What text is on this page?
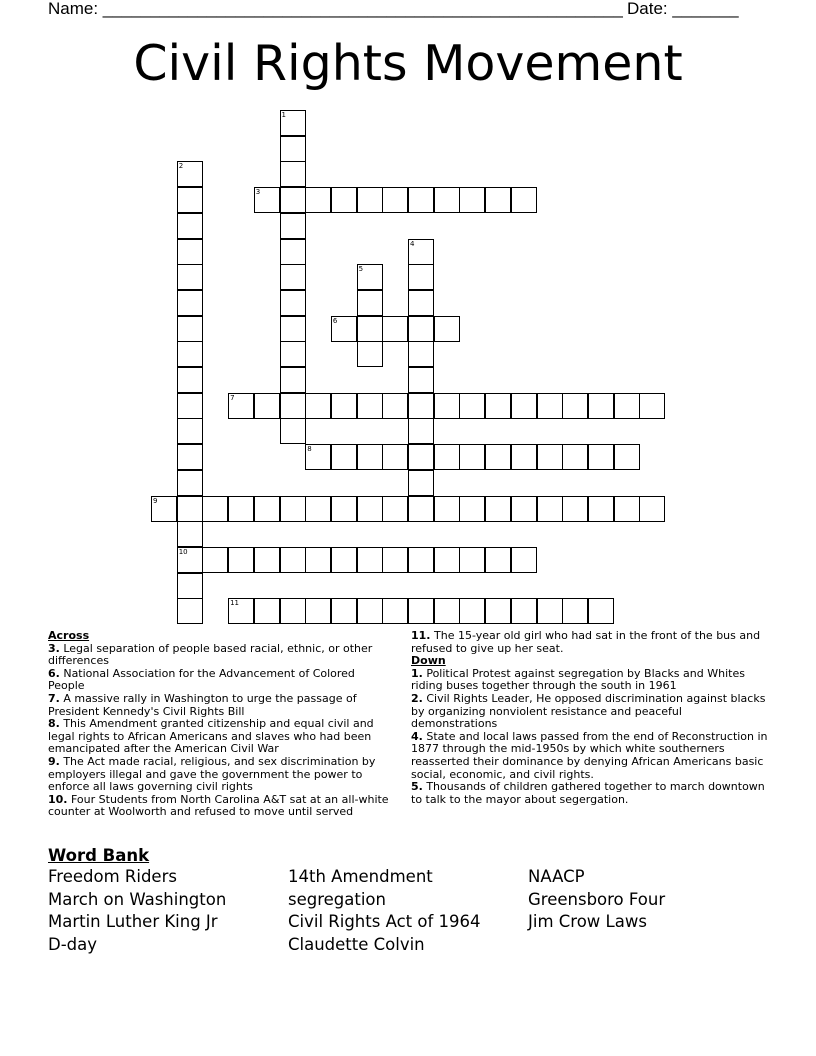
Name: _______________________________________________________ Date: _______
Civil Rights Movement
1
2
10
3
4
5
6
7
8
9
11
Across
3. Legal separation of people based racial, ethnic, or other differences
6. National Association for the Advancement of Colored People
7. A massive rally in Washington to urge the passage of President Kennedy's Civil Rights Bill
8. This Amendment granted citizenship and equal civil and legal rights to African Americans and slaves who had been emancipated after the American Civil War
9. The Act made racial, religious, and sex discrimination by employers illegal and gave the government the power to enforce all laws governing civil rights
10. Four Students from North Carolina A&T sat at an all-white counter at Woolworth and refused to move until served
11. The 15-year old girl who had sat in the front of the bus and refused to give up her seat.
Down
1. Political Protest against segregation by Blacks and Whites riding buses together through the south in 1961
2. Civil Rights Leader, He opposed discrimination against blacks by organizing nonviolent resistance and peaceful demonstrations
4. State and local laws passed from the end of Reconstruction in 1877 through the mid-1950s by which white southerners reasserted their dominance by denying African Americans basic social, economic, and civil rights.
5. Thousands of children gathered together to march downtown to talk to the mayor about segergation.
Word Bank
Freedom Riders
March on Washington
Martin Luther King Jr
D-day
14th Amendment
segregation
Civil Rights Act of 1964
Claudette Colvin
NAACP
Greensboro Four
Jim Crow Laws
